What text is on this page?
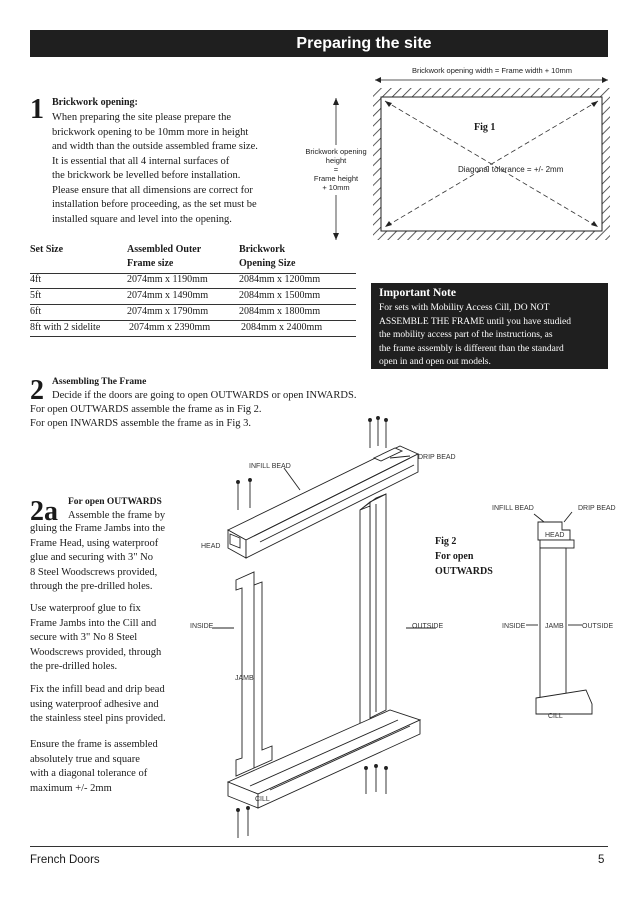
Preparing the site
1 Brickwork opening:
When preparing the site please prepare the
brickwork opening to be 10mm more in height
and width than the outside assembled frame size.
It is essential that all 4 internal surfaces of
the brickwork be levelled before installation.
Please ensure that all dimensions are correct for
installation before proceeding, as the set must be
installed square and level into the opening.
Brickwork opening width = Frame width + 10mm
Brickwork opening
height
=
Frame height
+ 10mm
Fig 1
Diagonal tolerance = +/- 2mm
Set Size	Assembled Outer
Frame size
Brickwork
Opening Size
4ft	2074mm x 1190mm	2084mm x 1200mm
5ft	2074mm x 1490mm	2084mm x 1500mm
6ft	2074mm x 1790mm	2084mm x 1800mm
8ft with 2 sidelite	2074mm x 2390mm	2084mm x 2400mm
Important Note
For sets with Mobility Access Cill, DO NOT
ASSEMBLE THE FRAME until you have studied
the mobility access part of the instructions, as
the frame assembly is different than the standard
open in and open out models.
2 Assembling The Frame
Decide if the doors are going to open OUTWARDS or open INWARDS.
For open OUTWARDS assemble the frame as in Fig 2.
For open INWARDS assemble the frame as in Fig 3.
2a For open OUTWARDS
Assemble the frame by
gluing the Frame Jambs into the
Frame Head, using waterproof
glue and securing with 3" No
8 Steel Woodscrews provided,
through the pre-drilled holes.
Use waterproof glue to fix
Frame Jambs into the Cill and
secure with 3" No 8 Steel
Woodscrews provided, through
the pre-drilled holes.
Fix the infill bead and drip bead
using waterproof adhesive and
the stainless steel pins provided.
Ensure the frame is assembled
absolutely true and square
with a diagonal tolerance of
maximum +/- 2mm
INFILL BEAD
DRIP BEAD
HEAD
INSIDE	OUTSIDE
JAMB
CILL
Fig 2
For open
OUTWARDS
INFILL BEAD	DRIP BEAD
HEAD
INSIDE	JAMB	OUTSIDE
CILL
French Doors	5
